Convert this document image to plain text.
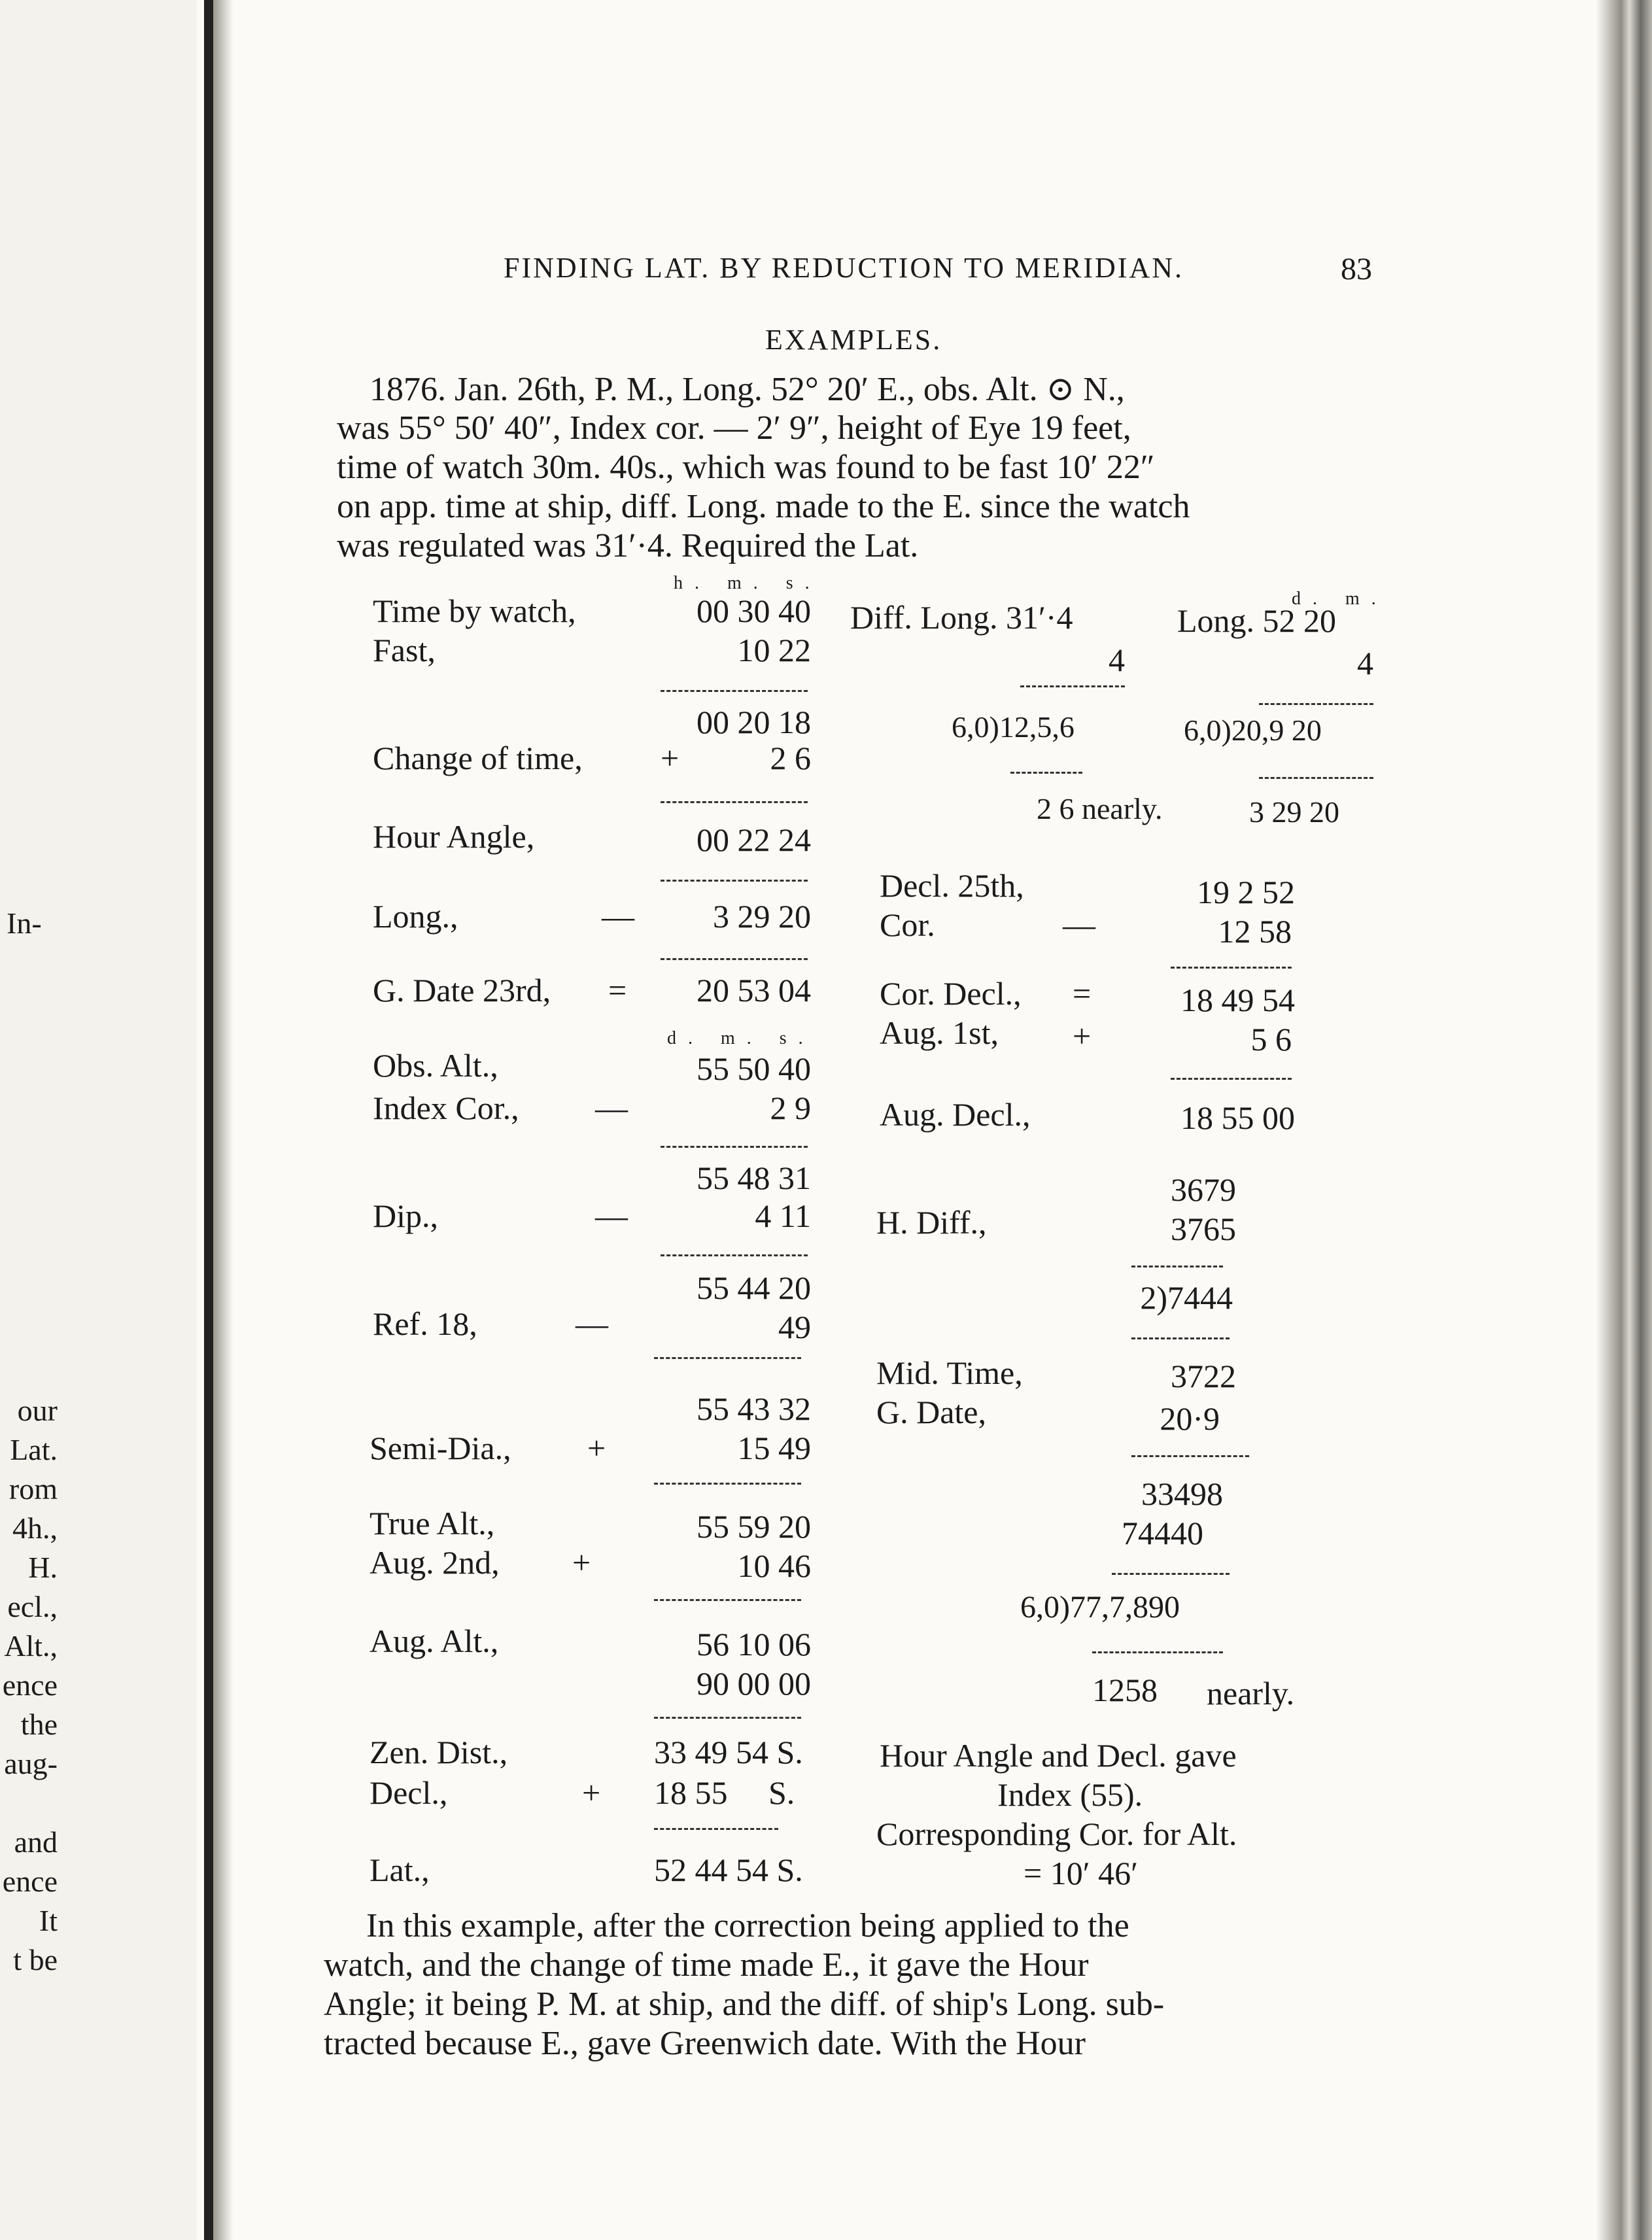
In-
our
Lat.
rom
4h.,
H.
ecl.,
Alt.,
ence
the
aug-
and
ence
It
t be
FINDING LAT. BY REDUCTION TO MERIDIAN.	83
EXAMPLES.
1876. Jan. 26th, P. M., Long. 52° 20′ E., obs. Alt. ⊙ N.,
was 55° 50′ 40″, Index cor. — 2′ 9″, height of Eye 19 feet,
time of watch 30m. 40s., which was found to be fast 10′ 22″
on app. time at ship, diff. Long. made to the E. since the watch
was regulated was 31′·4. Required the Lat.
h. m. s.
d. m.
d. m. s.
Time by watch,	00 30 40
Fast,	10 22
00 20 18
Change of time, +	2 6
Hour Angle,	00 22 24
Long.,	—	3 29 20
G. Date 23rd, =	20 53 04
Obs. Alt.,	55 50 40
Index Cor., —	2 9
55 48 31
Dip.,	—	4 11
55 44 20
Ref. 18,	—	49
55 43 32
Semi-Dia., +	15 49
True Alt.,	55 59 20
Aug. 2nd, +	10 46
Aug. Alt.,	56 10 06
90 00 00
Zen. Dist.,	33 49 54 S.
Decl.,	+ 18 55     S.
Lat.,	52 44 54 S.
Diff. Long. 31′·4
4
6,0)12,5,6
2 6 nearly.
Long. 52 20
4
6,0)20,9 20
3 29 20
Decl. 25th,	19 2 52
Cor.	—	12 58
Cor. Decl., =	18 49 54
Aug. 1st, +	5 6
Aug. Decl.,	18 55 00
3679
H. Diff.,	3765
2)7444
Mid. Time,	3722
G. Date,	20·9
33498
74440
6,0)77,7,890
1258 nearly.
Hour Angle and Decl. gave
Index (55).
Corresponding Cor. for Alt.
= 10′ 46′
In this example, after the correction being applied to the
watch, and the change of time made E., it gave the Hour
Angle; it being P. M. at ship, and the diff. of ship's Long. sub-
tracted because E., gave Greenwich date. With the Hour
